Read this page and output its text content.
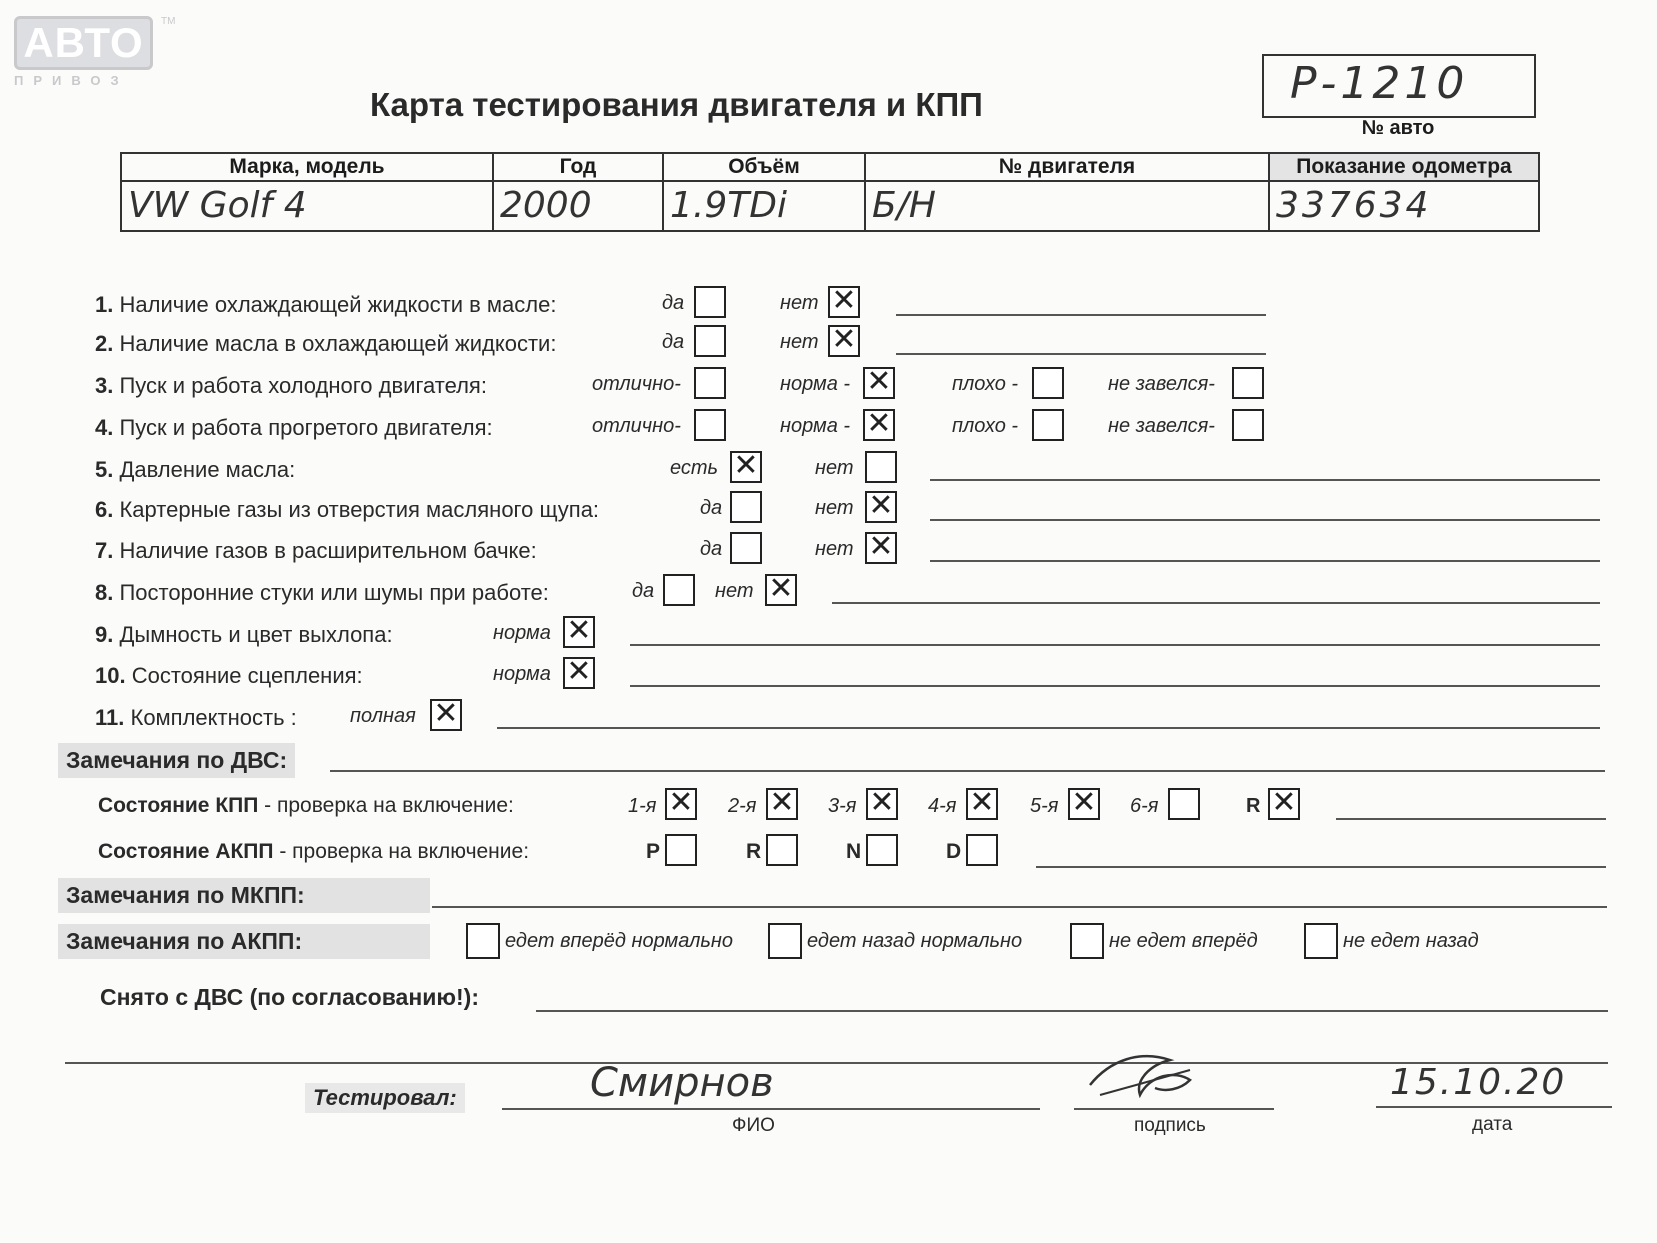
АВТО
ПРИВОЗ
TM
Карта тестирования двигателя и КПП	Р-1210
№ авто
Марка, модель	Год	Объём	№ двигателя	Показание одометра
VW Golf 4	2000	1.9TDi	Б/Н	337634
1. Наличие охлаждающей жидкости в масле:	да	нет ✕
2. Наличие масла в охлаждающей жидкости:	да	нет ✕
3. Пуск и работа холодного двигателя:	отлично-	норма - ✕	плохо -	не завелся-
4. Пуск и работа прогретого двигателя:	отлично-	норма - ✕	плохо -	не завелся-
5. Давление масла:	есть ✕	нет
6. Картерные газы из отверстия масляного щупа:	да	нет ✕
7. Наличие газов в расширительном бачке:	да	нет ✕
8. Посторонние стуки или шумы при работе:	да	нет ✕
9. Дымность и цвет выхлопа:	норма ✕
10. Состояние сцепления:	норма ✕
11. Комплектность :	полная ✕
Замечания по ДВС:
Состояние КПП - проверка на включение:	1-я ✕ 2-я ✕ 3-я ✕ 4-я ✕ 5-я ✕ 6-я	R ✕
Состояние АКПП - проверка на включение:	P	R	N	D
Замечания по МКПП:
Замечания по АКПП:	едет вперёд нормально	едет назад нормально	не едет вперёд	не едет назад
Снято с ДВС (по согласованию!):
Тестировал:	Смирнов
ФИО	подпись
15.10.20
дата
